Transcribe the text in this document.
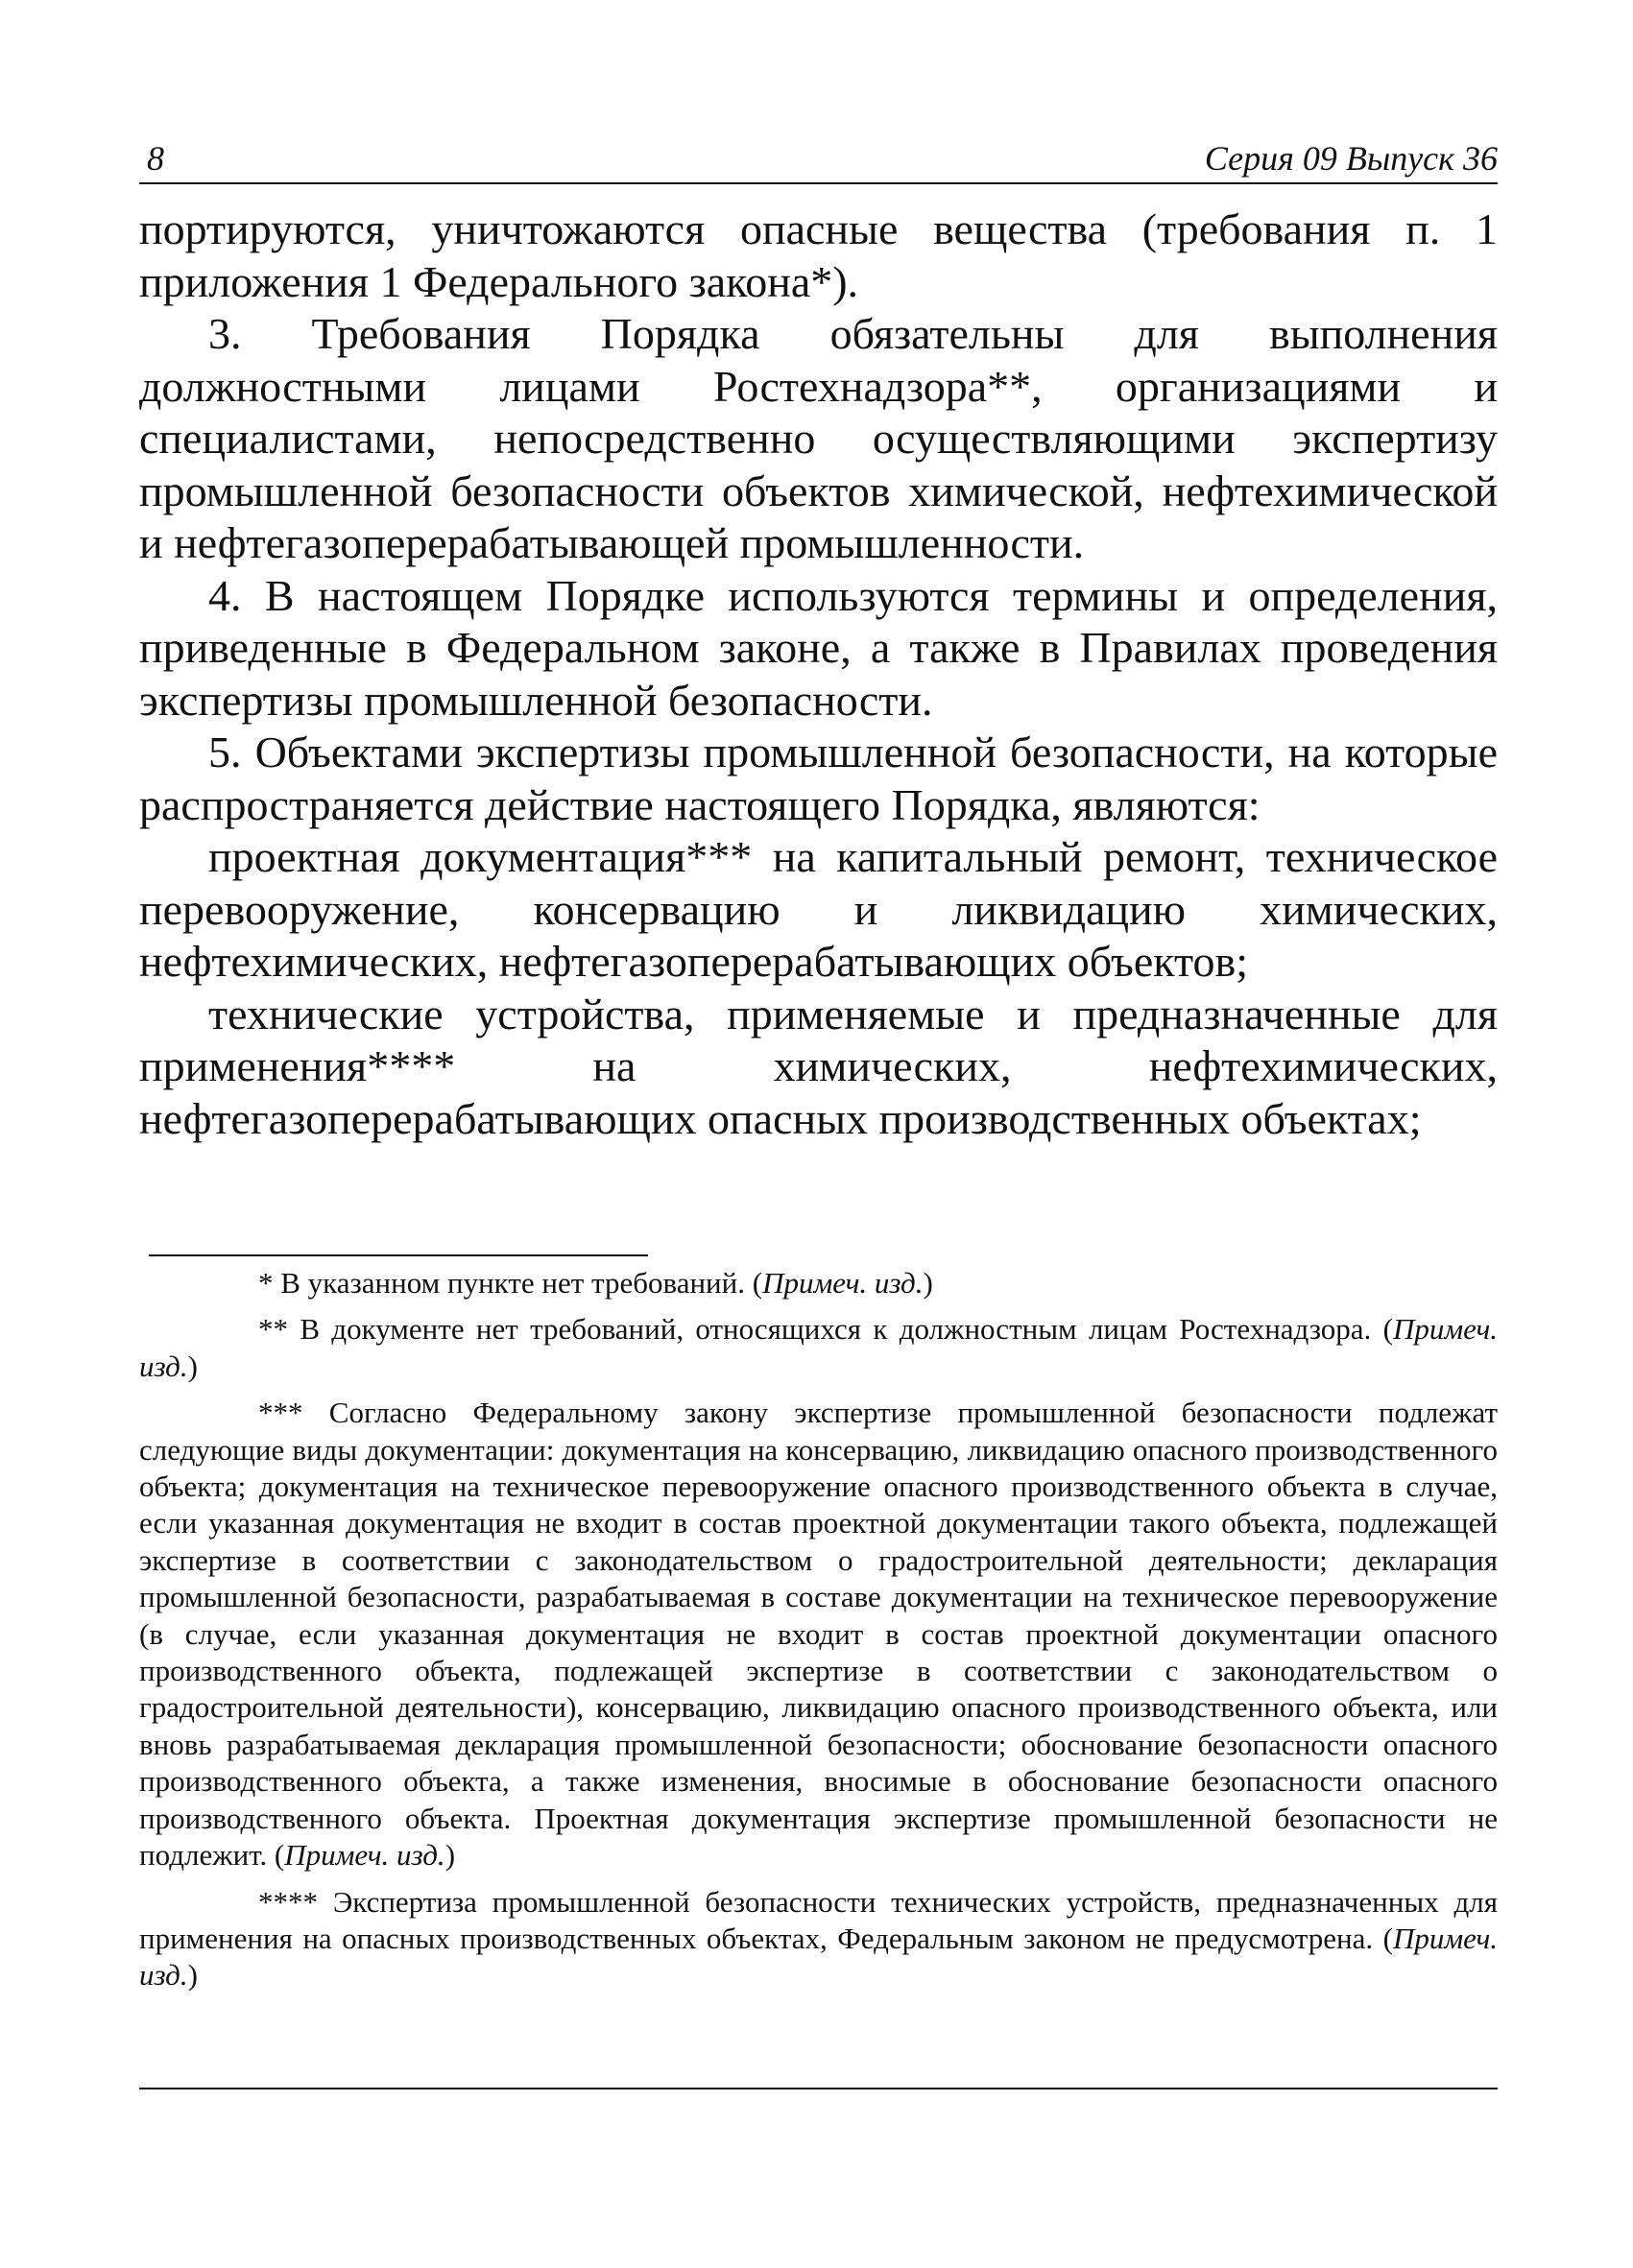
8	Серия 09 Выпуск 36

портируются, уничтожаются опасные вещества (требования п. 1 приложения 1 Федерального закона*).

3. Требования Порядка обязательны для выполнения должностными лицами Ростехнадзора**, организациями и специалистами, непосредственно осуществляющими экспертизу промышленной безопасности объектов химической, нефтехимической и нефтегазоперерабатывающей промышленности.

4. В настоящем Порядке используются термины и определения, приведенные в Федеральном законе, а также в Правилах проведения экспертизы промышленной безопасности.

5. Объектами экспертизы промышленной безопасности, на которые распространяется действие настоящего Порядка, являются:

проектная документация*** на капитальный ремонт, техническое перевооружение, консервацию и ликвидацию химических, нефтехимических, нефтегазоперерабатывающих объектов;

технические устройства, применяемые и предназначенные для применения**** на химических, нефтехимических, нефтегазоперерабатывающих опасных производственных объектах;

* В указанном пункте нет требований. (Примеч. изд.)

** В документе нет требований, относящихся к должностным лицам Ростехнадзора. (Примеч. изд.)

*** Согласно Федеральному закону экспертизе промышленной безопасности подлежат следующие виды документации: документация на консервацию, ликвидацию опасного производственного объекта; документация на техническое перевооружение опасного производственного объекта в случае, если указанная документация не входит в состав проектной документации такого объекта, подлежащей экспертизе в соответствии с законодательством о градостроительной деятельности; декларация промышленной безопасности, разрабатываемая в составе документации на техническое перевооружение (в случае, если указанная документация не входит в состав проектной документации опасного производственного объекта, подлежащей экспертизе в соответствии с законодательством о градостроительной деятельности), консервацию, ликвидацию опасного производственного объекта, или вновь разрабатываемая декларация промышленной безопасности; обоснование безопасности опасного производственного объекта, а также изменения, вносимые в обоснование безопасности опасного производственного объекта. Проектная документация экспертизе промышленной безопасности не подлежит. (Примеч. изд.)

**** Экспертиза промышленной безопасности технических устройств, предназначенных для применения на опасных производственных объектах, Федеральным законом не предусмотрена. (Примеч. изд.)
